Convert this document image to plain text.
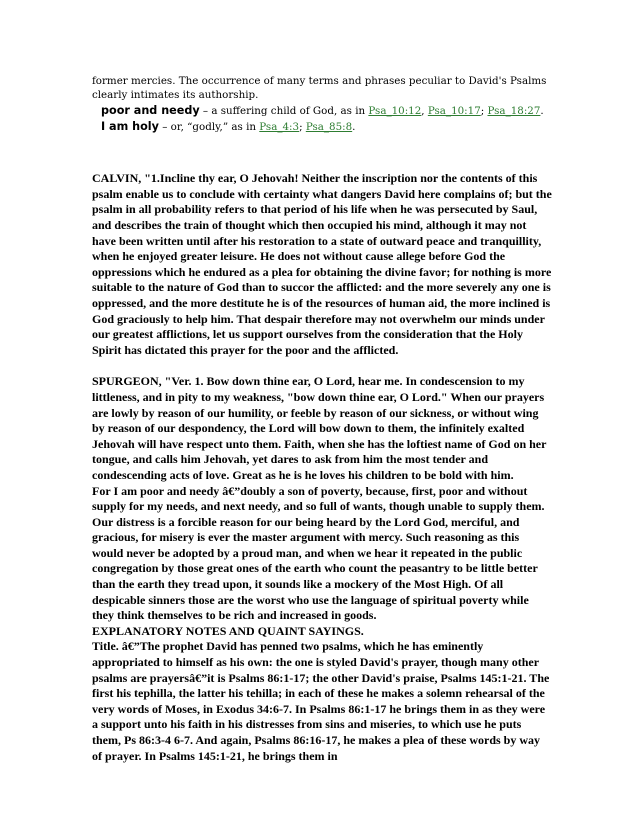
former mercies. The occurrence of many terms and phrases peculiar to David's Psalms clearly intimates its authorship.

poor and needy – a suffering child of God, as in Psa_10:12, Psa_10:17; Psa_18:27.

I am holy – or, “godly,” as in Psa_4:3; Psa_85:8.

CALVIN, "1.Incline thy ear, O Jehovah! Neither the inscription nor the contents of this psalm enable us to conclude with certainty what dangers David here complains of; but the psalm in all probability refers to that period of his life when he was persecuted by Saul, and describes the train of thought which then occupied his mind, although it may not have been written until after his restoration to a state of outward peace and tranquillity, when he enjoyed greater leisure. He does not without cause allege before God the oppressions which he endured as a plea for obtaining the divine favor; for nothing is more suitable to the nature of God than to succor the afflicted: and the more severely any one is oppressed, and the more destitute he is of the resources of human aid, the more inclined is God graciously to help him. That despair therefore may not overwhelm our minds under our greatest afflictions, let us support ourselves from the consideration that the Holy Spirit has dictated this prayer for the poor and the afflicted.

SPURGEON, "Ver. 1. Bow down thine ear, O Lord, hear me. In condescension to my littleness, and in pity to my weakness, "bow down thine ear, O Lord." When our prayers are lowly by reason of our humility, or feeble by reason of our sickness, or without wing by reason of our despondency, the Lord will bow down to them, the infinitely exalted Jehovah will have respect unto them. Faith, when she has the loftiest name of God on her tongue, and calls him Jehovah, yet dares to ask from him the most tender and condescending acts of love. Great as he is he loves his children to be bold with him.

For I am poor and needy â€”doubly a son of poverty, because, first, poor and without supply for my needs, and next needy, and so full of wants, though unable to supply them. Our distress is a forcible reason for our being heard by the Lord God, merciful, and gracious, for misery is ever the master argument with mercy. Such reasoning as this would never be adopted by a proud man, and when we hear it repeated in the public congregation by those great ones of the earth who count the peasantry to be little better than the earth they tread upon, it sounds like a mockery of the Most High. Of all despicable sinners those are the worst who use the language of spiritual poverty while they think themselves to be rich and increased in goods.

EXPLANATORY NOTES AND QUAINT SAYINGS.

Title. â€”The prophet David has penned two psalms, which he has eminently appropriated to himself as his own: the one is styled David's prayer, though many other psalms are prayersâ€”it is Psalms 86:1-17; the other David's praise, Psalms 145:1-21. The first his tephilla, the latter his tehilla; in each of these he makes a solemn rehearsal of the very words of Moses, in Exodus 34:6-7. In Psalms 86:1-17 he brings them in as they were a support unto his faith in his distresses from sins and miseries, to which use he puts them, Ps 86:3-4 6-7. And again, Psalms 86:16-17, he makes a plea of these words by way of prayer. In Psalms 145:1-21, he brings them in
